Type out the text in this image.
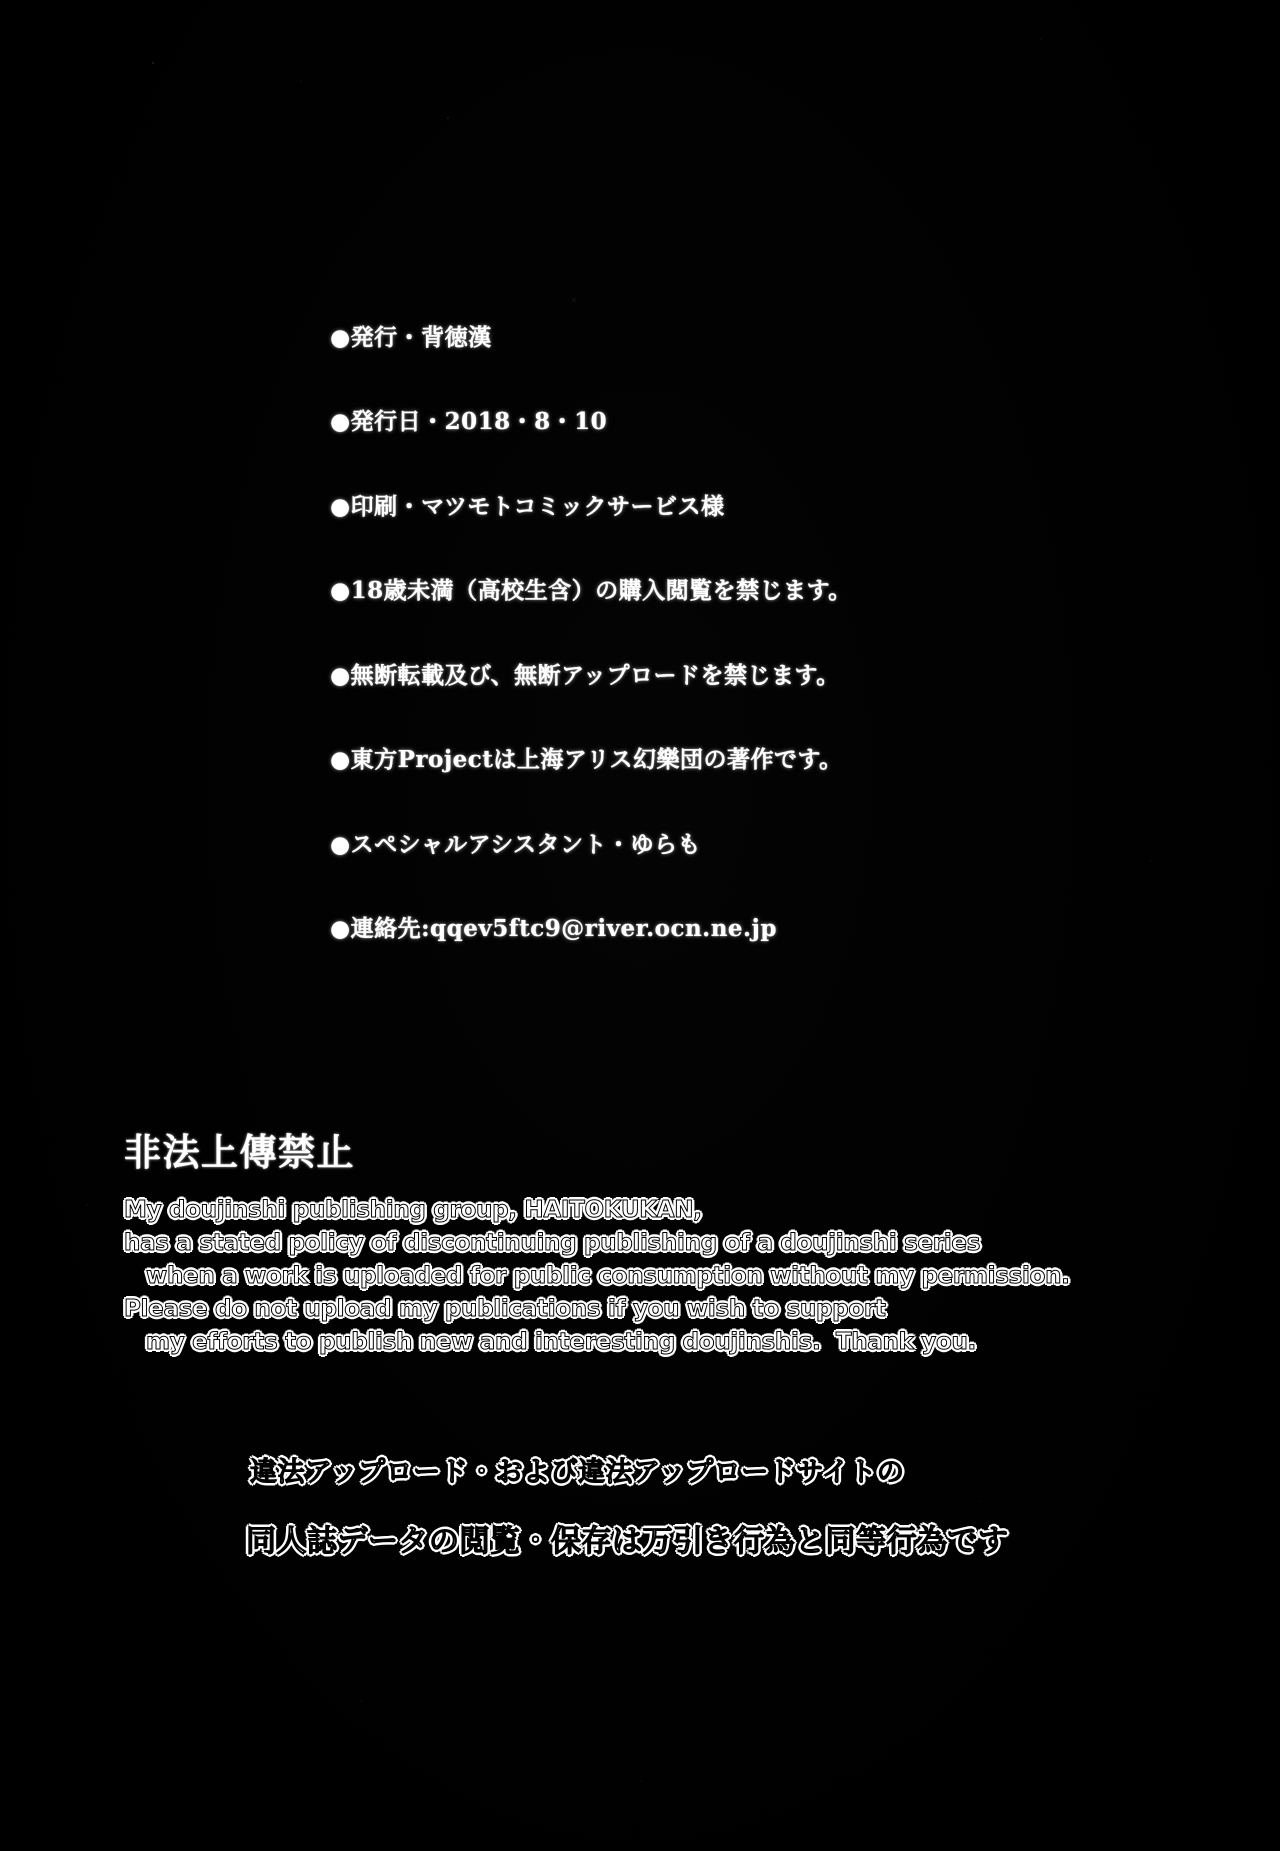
●発行・背徳漢
●発行日・2018・8・10
●印刷・マツモトコミックサービス様
●18歳未満（高校生含）の購入閲覧を禁じます。
●無断転載及び、無断アップロードを禁じます。
●東方Projectは上海アリス幻樂団の著作です。
●スペシャルアシスタント・ゆらも
●連絡先:qqev5ftc9@river.ocn.ne.jp
非法上傳禁止
My doujinshi publishing group, HAITOKUKAN,
has a stated policy of discontinuing publishing of a doujinshi series
when a work is uploaded for public consumption without my permission.
Please do not upload my publications if you wish to support
my efforts to publish new and interesting doujinshis.  Thank you.
違法アップロード・および違法アップロードサイトの
同人誌データの閲覧・保存は万引き行為と同等行為です
